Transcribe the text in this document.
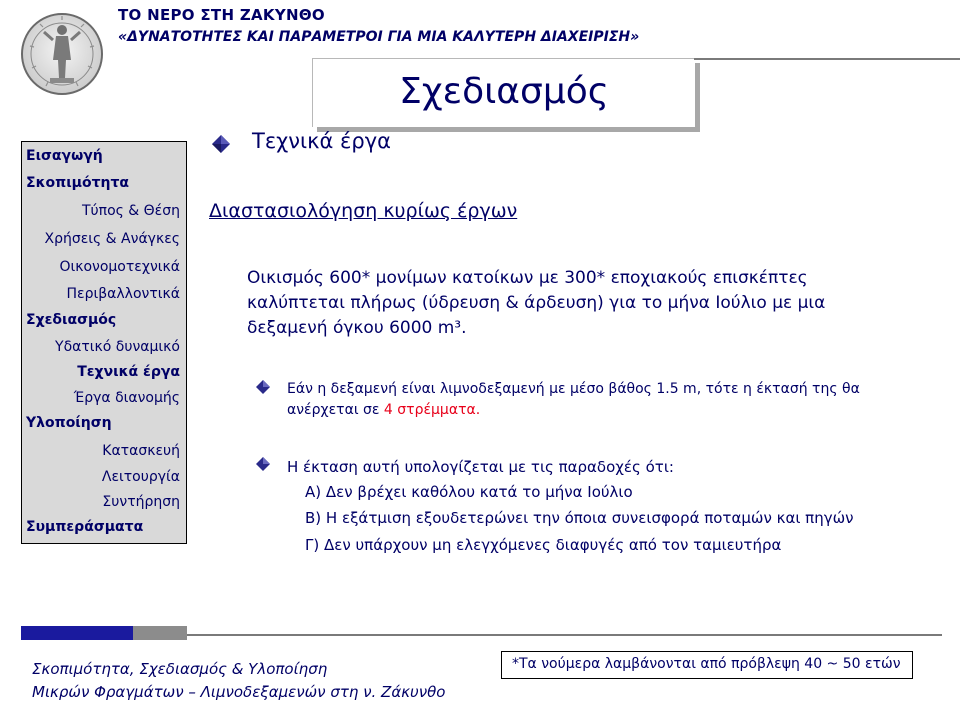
ΤΟ ΝΕΡΟ ΣΤΗ ΖΑΚΥΝΘΟ
«ΔΥΝΑΤΟΤΗΤΕΣ ΚΑΙ ΠΑΡΑΜΕΤΡΟΙ ΓΙΑ ΜΙΑ ΚΑΛΥΤΕΡΗ ΔΙΑΧΕΙΡΙΣΗ»
Σχεδιασμός
Εισαγωγή
Σκοπιμότητα
Τύπος & Θέση
Χρήσεις & Ανάγκες
Οικονομοτεχνικά
Περιβαλλοντικά
Σχεδιασμός
Υδατικό δυναμικό
Τεχνικά έργα
Έργα διανομής
Υλοποίηση
Κατασκευή
Λειτουργία
Συντήρηση
Συμπεράσματα
Τεχνικά έργα
Διαστασιολόγηση κυρίως έργων
Οικισμός 600* μονίμων κατοίκων με 300* εποχιακούς επισκέπτες καλύπτεται πλήρως (ύδρευση & άρδευση) για το μήνα Ιούλιο με μια δεξαμενή όγκου 6000 m³.
Εάν η δεξαμενή είναι λιμνοδεξαμενή με μέσο βάθος 1.5 m, τότε η έκτασή της θα ανέρχεται σε 4 στρέμματα.
Η έκταση αυτή υπολογίζεται με τις παραδοχές ότι:
Α) Δεν βρέχει καθόλου κατά το μήνα Ιούλιο
Β) Η εξάτμιση εξουδετερώνει την όποια συνεισφορά ποταμών και πηγών
Γ) Δεν υπάρχουν μη ελεγχόμενες διαφυγές από τον ταμιευτήρα
Σκοπιμότητα, Σχεδιασμός & Υλοποίηση
Μικρών Φραγμάτων – Λιμνοδεξαμενών στη ν. Ζάκυνθο
*Τα νούμερα λαμβάνονται από πρόβλεψη 40 ~ 50 ετών
